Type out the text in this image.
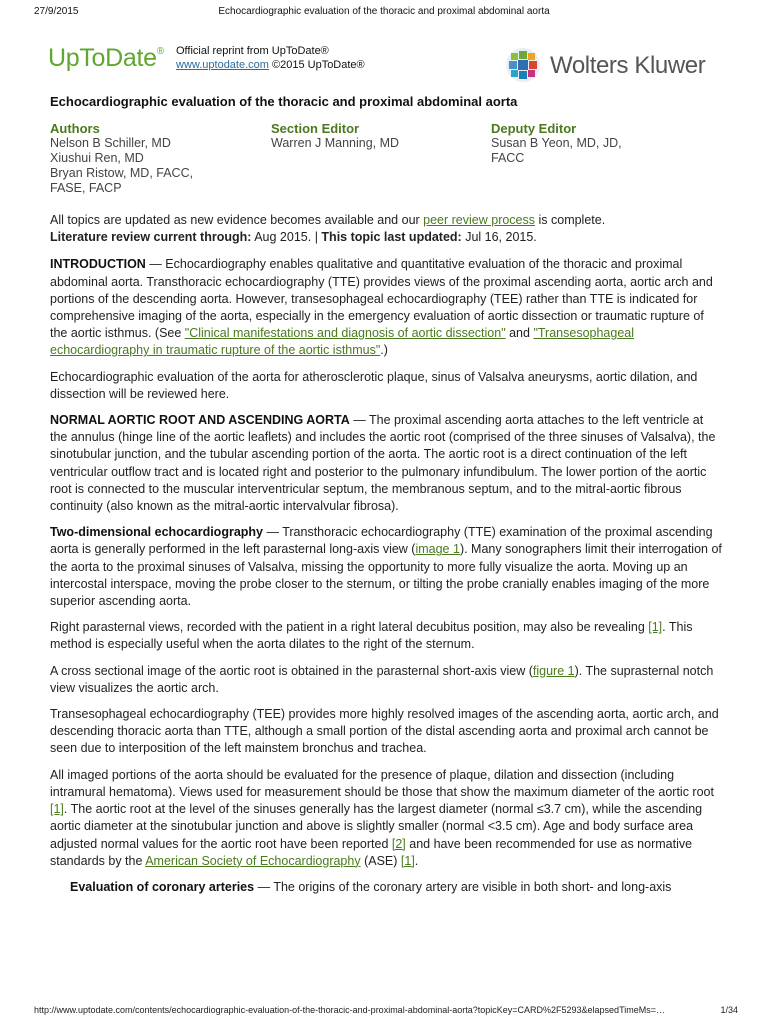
27/9/2015	Echocardiographic evaluation of the thoracic and proximal abdominal aorta
UpToDate® Official reprint from UpToDate®
www.uptodate.com ©2015 UpToDate®	Wolters Kluwer
Echocardiographic evaluation of the thoracic and proximal abdominal aorta
Authors
Nelson B Schiller, MD
Xiushui Ren, MD
Bryan Ristow, MD, FACC,
FASE, FACP
Section Editor
Warren J Manning, MD
Deputy Editor
Susan B Yeon, MD, JD,
FACC

All topics are updated as new evidence becomes available and our peer review process is complete.
Literature review current through: Aug 2015. | This topic last updated: Jul 16, 2015.

INTRODUCTION — Echocardiography enables qualitative and quantitative evaluation of the thoracic and proximal abdominal aorta. Transthoracic echocardiography (TTE) provides views of the proximal ascending aorta, aortic arch and portions of the descending aorta. However, transesophageal echocardiography (TEE) rather than TTE is indicated for comprehensive imaging of the aorta, especially in the emergency evaluation of aortic dissection or traumatic rupture of the aortic isthmus. (See "Clinical manifestations and diagnosis of aortic dissection" and "Transesophageal echocardiography in traumatic rupture of the aortic isthmus".)

Echocardiographic evaluation of the aorta for atherosclerotic plaque, sinus of Valsalva aneurysms, aortic dilation, and dissection will be reviewed here.

NORMAL AORTIC ROOT AND ASCENDING AORTA — The proximal ascending aorta attaches to the left ventricle at the annulus (hinge line of the aortic leaflets) and includes the aortic root (comprised of the three sinuses of Valsalva), the sinotubular junction, and the tubular ascending portion of the aorta. The aortic root is a direct continuation of the left ventricular outflow tract and is located right and posterior to the pulmonary infundibulum. The lower portion of the aortic root is connected to the muscular interventricular septum, the membranous septum, and to the mitral-aortic fibrous continuity (also known as the mitral-aortic intervalvular fibrosa).

Two-dimensional echocardiography — Transthoracic echocardiography (TTE) examination of the proximal ascending aorta is generally performed in the left parasternal long-axis view (image 1). Many sonographers limit their interrogation of the aorta to the proximal sinuses of Valsalva, missing the opportunity to more fully visualize the aorta. Moving up an intercostal interspace, moving the probe closer to the sternum, or tilting the probe cranially enables imaging of the more superior ascending aorta.

Right parasternal views, recorded with the patient in a right lateral decubitus position, may also be revealing [1]. This method is especially useful when the aorta dilates to the right of the sternum.

A cross sectional image of the aortic root is obtained in the parasternal short-axis view (figure 1). The suprasternal notch view visualizes the aortic arch.

Transesophageal echocardiography (TEE) provides more highly resolved images of the ascending aorta, aortic arch, and descending thoracic aorta than TTE, although a small portion of the distal ascending aorta and proximal arch cannot be seen due to interposition of the left mainstem bronchus and trachea.

All imaged portions of the aorta should be evaluated for the presence of plaque, dilation and dissection (including intramural hematoma). Views used for measurement should be those that show the maximum diameter of the aortic root [1]. The aortic root at the level of the sinuses generally has the largest diameter (normal ≤3.7 cm), while the ascending aortic diameter at the sinotubular junction and above is slightly smaller (normal <3.5 cm). Age and body surface area adjusted normal values for the aortic root have been reported [2] and have been recommended for use as normative standards by the American Society of Echocardiography (ASE) [1].

Evaluation of coronary arteries — The origins of the coronary artery are visible in both short- and long-axis

http://www.uptodate.com/contents/echocardiographic-evaluation-of-the-thoracic-and-proximal-abdominal-aorta?topicKey=CARD%2F5293&elapsedTimeMs=…	1/34
